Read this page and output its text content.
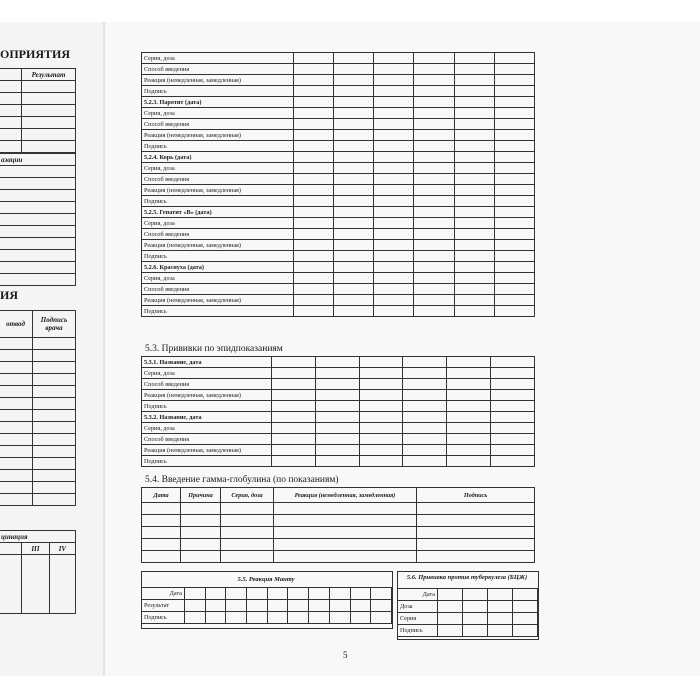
ОПРИЯТИЯ
	Результат

азации

ИЯ
отвод	Подпись врача

цинация		
	III	IV

Серия, доза						
Способ введения						
Реакция (немедленная, замедленная)						
Подпись						
5.2.3. Паротит (дата)						
Серия, доза						
Способ введения						
Реакция (немедленная, замедленная)						
Подпись						
5.2.4. Корь (дата)						
Серия, доза						
Способ введения						
Реакция (немедленная, замедленная)						
Подпись						
5.2.5. Гепатит «В» (дата)						
Серия, доза						
Способ введения						
Реакция (немедленная, замедленная)						
Подпись						
5.2.6. Краснуха (дата)						
Серия, доза						
Способ введения						
Реакция (немедленная, замедленная)						
Подпись						
5.3. Прививки по эпидпоказаниям
5.3.1. Название, дата						
Серия, доза						
Способ введения						
Реакция (немедленная, замедленная)						
Подпись						
5.3.2. Название, дата						
Серия, доза						
Способ введения						
Реакция (немедленная, замедленная)						
Подпись						
5.4. Введение гамма-глобулина (по показаниям)
Дата	Причина	Серия, доза	Реакция (немедленная, замедленная)	Подпись

5.5. Реакция Манту
Дата										
Результат										
Подпись										
5.6. Прививка против туберкулеза (БЦЖ)
Дата				
Доза				
Серия				
Подпись				
5
